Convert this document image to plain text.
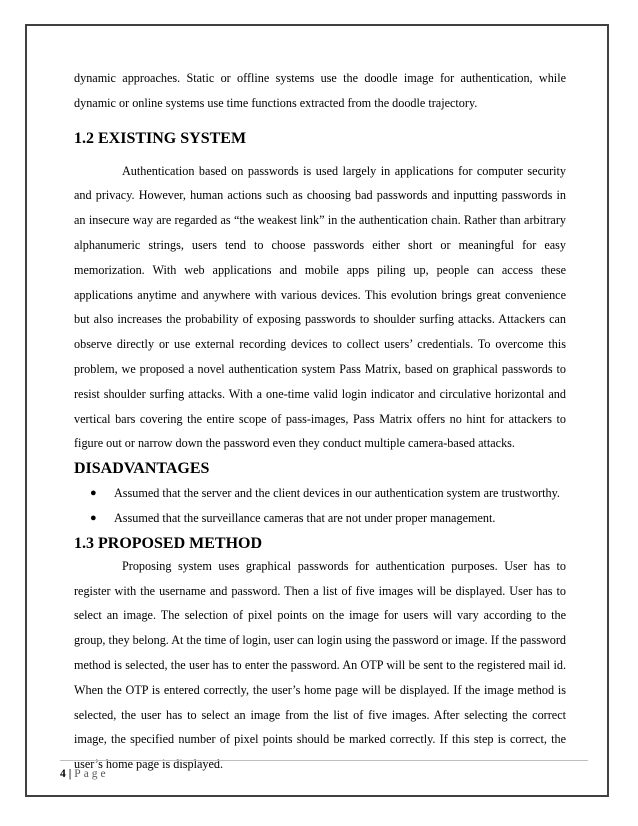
dynamic approaches. Static or offline systems use the doodle image for authentication, while dynamic or online systems use time functions extracted from the doodle trajectory.

1.2 EXISTING SYSTEM

Authentication based on passwords is used largely in applications for computer security and privacy. However, human actions such as choosing bad passwords and inputting passwords in an insecure way are regarded as “the weakest link” in the authentication chain. Rather than arbitrary alphanumeric strings, users tend to choose passwords either short or meaningful for easy memorization. With web applications and mobile apps piling up, people can access these applications anytime and anywhere with various devices. This evolution brings great convenience but also increases the probability of exposing passwords to shoulder surfing attacks. Attackers can observe directly or use external recording devices to collect users’ credentials. To overcome this problem, we proposed a novel authentication system Pass Matrix, based on graphical passwords to resist shoulder surfing attacks. With a one-time valid login indicator and circulative horizontal and vertical bars covering the entire scope of pass-images, Pass Matrix offers no hint for attackers to figure out or narrow down the password even they conduct multiple camera-based attacks.

DISADVANTAGES
● Assumed that the server and the client devices in our authentication system are trustworthy.
● Assumed that the surveillance cameras that are not under proper management.
1.3 PROPOSED METHOD

Proposing system uses graphical passwords for authentication purposes. User has to register with the username and password. Then a list of five images will be displayed. User has to select an image. The selection of pixel points on the image for users will vary according to the group, they belong. At the time of login, user can login using the password or image. If the password method is selected, the user has to enter the password. An OTP will be sent to the registered mail id. When the OTP is entered correctly, the user’s home page will be displayed. If the image method is selected, the user has to select an image from the list of five images. After selecting the correct image, the specified number of pixel points should be marked correctly. If this step is correct, the user’s home page is displayed.

4 | Page
